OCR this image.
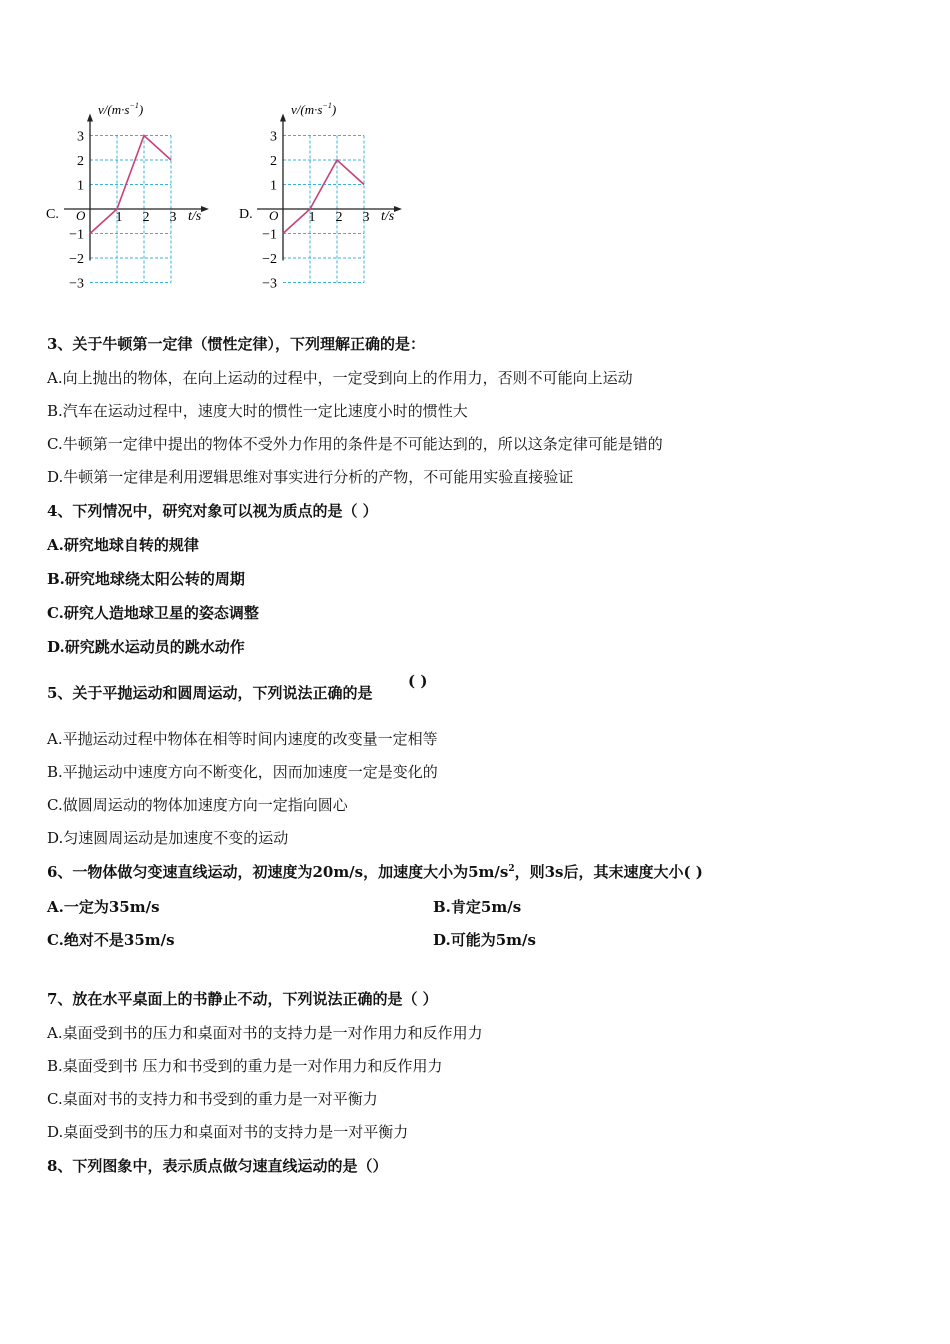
C.
3
2
1
−1
−2
−3
1 2 3
$v/(m\cdot s^{-1})$
t/s
O	D.
3
2
1
−1
−2
−3
1 2 3
$v/(m\cdot s^{-1})$
t/s
O
3、关于牛顿第一定律（惯性定律），下列理解正确的是：
A.向上抛出的物体，在向上运动的过程中，一定受到向上的作用力，否则不可能向上运动
B.汽车在运动过程中，速度大时的惯性一定比速度小时的惯性大
C.牛顿第一定律中提出的物体不受外力作用的条件是不可能达到的，所以这条定律可能是错的
D.牛顿第一定律是利用逻辑思维对事实进行分析的产物，不可能用实验直接验证
4、下列情况中，研究对象可以视为质点的是（ ）
A.研究地球自转的规律
B.研究地球绕太阳公转的周期
C.研究人造地球卫星的姿态调整
D.研究跳水运动员的跳水动作
5、关于平抛运动和圆周运动，下列说法正确的是
( )
A.平抛运动过程中物体在相等时间内速度的改变量一定相等
B.平抛运动中速度方向不断变化，因而加速度一定是变化的
C.做圆周运动的物体加速度方向一定指向圆心
D.匀速圆周运动是加速度不变的运动
6、一物体做匀变速直线运动，初速度为20m/s，加速度大小为$5m/s^2$，则3s后，其末速度大小( )
A.一定为35m/s	B.肯定5m/s
C.绝对不是35m/s	D.可能为5m/s
7、放在水平桌面上的书静止不动，下列说法正确的是（ ）
A.桌面受到书的压力和桌面对书的支持力是一对作用力和反作用力
B.桌面受到书 压力和书受到的重力是一对作用力和反作用力
C.桌面对书的支持力和书受到的重力是一对平衡力
D.桌面受到书的压力和桌面对书的支持力是一对平衡力
8、下列图象中，表示质点做匀速直线运动的是（）
